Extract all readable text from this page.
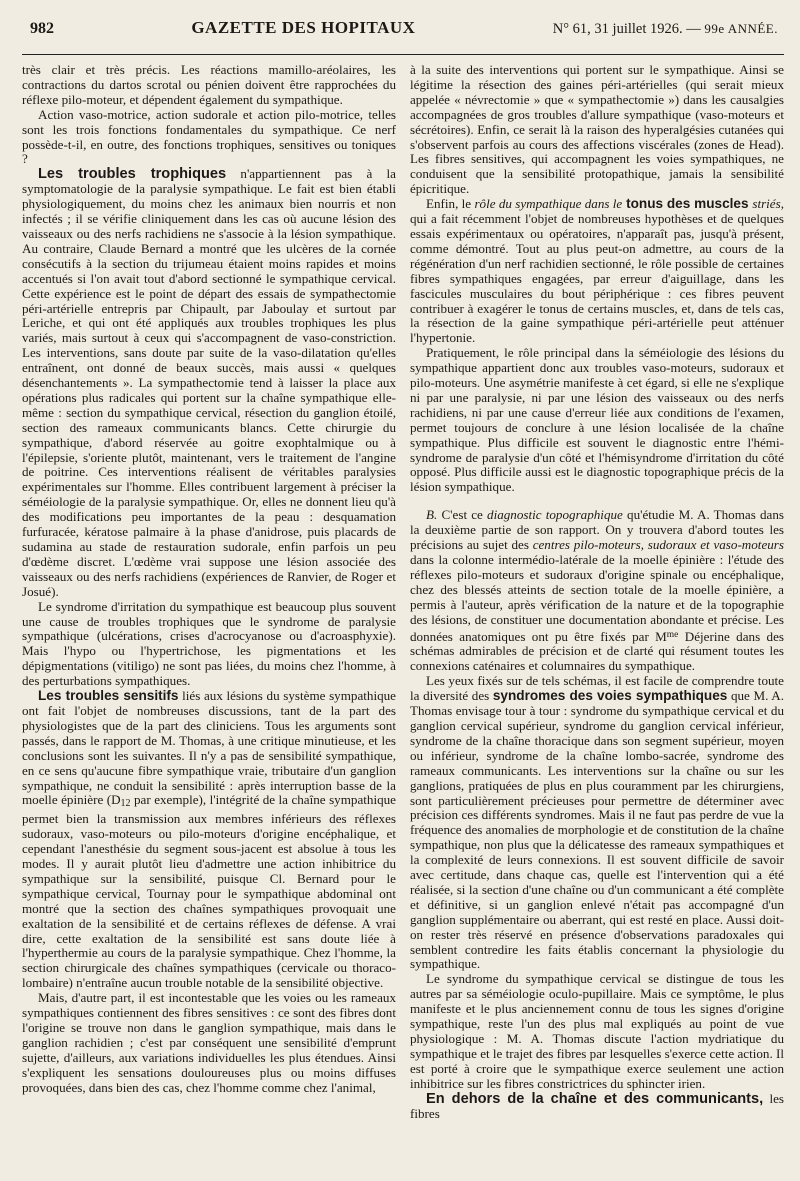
982	GAZETTE DES HOPITAUX	N° 61, 31 juillet 1926. — 99e ANNÉE.

très clair et très précis. Les réactions mamillo-aréolaires, les contractions du dartos scrotal ou pénien doivent être rapprochées du réflexe pilo-moteur, et dépendent également du sympathique.

Action vaso-motrice, action sudorale et action pilo-motrice, telles sont les trois fonctions fondamentales du sympathique. Ce nerf possède-t-il, en outre, des fonctions trophiques, sensitives ou toniques ?

Les troubles trophiques n'appartiennent pas à la symptomatologie de la paralysie sympathique. Le fait est bien établi physiologiquement, du moins chez les animaux bien nourris et non infectés ; il se vérifie cliniquement dans les cas où aucune lésion des vaisseaux ou des nerfs rachidiens ne s'associe à la lésion sympathique. Au contraire, Claude Bernard a montré que les ulcères de la cornée consécutifs à la section du trijumeau étaient moins rapides et moins accentués si l'on avait tout d'abord sectionné le sympathique cervical. Cette expérience est le point de départ des essais de sympathectomie péri-artérielle entrepris par Chipault, par Jaboulay et surtout par Leriche, et qui ont été appliqués aux troubles trophiques les plus variés, mais surtout à ceux qui s'accompagnent de vaso-constriction. Les interventions, sans doute par suite de la vaso-dilatation qu'elles entraînent, ont donné de beaux succès, mais aussi « quelques désenchantements ». La sympathectomie tend à laisser la place aux opérations plus radicales qui portent sur la chaîne sympathique elle-même : section du sympathique cervical, résection du ganglion étoilé, section des rameaux communicants blancs. Cette chirurgie du sympathique, d'abord réservée au goitre exophtalmique ou à l'épilepsie, s'oriente plutôt, maintenant, vers le traitement de l'angine de poitrine. Ces interventions réalisent de véritables paralysies expérimentales sur l'homme. Elles contribuent largement à préciser la séméiologie de la paralysie sympathique. Or, elles ne donnent lieu qu'à des modifications peu importantes de la peau : desquamation furfuracée, kératose palmaire à la phase d'anidrose, puis placards de sudamina au stade de restauration sudorale, enfin parfois un peu d'œdème discret. L'œdème vrai suppose une lésion associée des vaisseaux ou des nerfs rachidiens (expériences de Ranvier, de Roger et Josué).

Le syndrome d'irritation du sympathique est beaucoup plus souvent une cause de troubles trophiques que le syndrome de paralysie sympathique (ulcérations, crises d'acrocyanose ou d'acroasphyxie). Mais l'hypo ou l'hypertrichose, les pigmentations et les dépigmentations (vitiligo) ne sont pas liées, du moins chez l'homme, à des perturbations sympathiques.

Les troubles sensitifs liés aux lésions du système sympathique ont fait l'objet de nombreuses discussions, tant de la part des physiologistes que de la part des cliniciens. Tous les arguments sont passés, dans le rapport de M. Thomas, à une critique minutieuse, et les conclusions sont les suivantes. Il n'y a pas de sensibilité sympathique, en ce sens qu'aucune fibre sympathique vraie, tributaire d'un ganglion sympathique, ne conduit la sensibilité : après interruption basse de la moelle épinière ($D_{12}$ par exemple), l'intégrité de la chaîne sympathique permet bien la transmission aux membres inférieurs des réflexes sudoraux, vaso-moteurs ou pilo-moteurs d'origine encéphalique, et cependant l'anesthésie du segment sous-jacent est absolue à tous les modes. Il y aurait plutôt lieu d'admettre une action inhibitrice du sympathique sur la sensibilité, puisque Cl. Bernard pour le sympathique cervical, Tournay pour le sympathique abdominal ont montré que la section des chaînes sympathiques provoquait une exaltation de la sensibilité et de certains réflexes de défense. A vrai dire, cette exaltation de la sensibilité est sans doute liée à l'hyperthermie au cours de la paralysie sympathique. Chez l'homme, la section chirurgicale des chaînes sympathiques (cervicale ou thoraco-lombaire) n'entraîne aucun trouble notable de la sensibilité objective.

Mais, d'autre part, il est incontestable que les voies ou les rameaux sympathiques contiennent des fibres sensitives : ce sont des fibres dont l'origine se trouve non dans le ganglion sympathique, mais dans le ganglion rachidien ; c'est par conséquent une sensibilité d'emprunt sujette, d'ailleurs, aux variations individuelles les plus étendues. Ainsi s'expliquent les sensations douloureuses plus ou moins diffuses provoquées, dans bien des cas, chez l'homme comme chez l'animal,

à la suite des interventions qui portent sur le sympathique. Ainsi se légitime la résection des gaines péri-artérielles (qui serait mieux appelée « névrectomie » que « sympathectomie ») dans les causalgies accompagnées de gros troubles d'allure sympathique (vaso-moteurs et sécrétoires). Enfin, ce serait là la raison des hyperalgésies cutanées qui s'observent parfois au cours des affections viscérales (zones de Head). Les fibres sensitives, qui accompagnent les voies sympathiques, ne conduisent que la sensibilité protopathique, jamais la sensibilité épicritique.

Enfin, le rôle du sympathique dans le tonus des muscles striés, qui a fait récemment l'objet de nombreuses hypothèses et de quelques essais expérimentaux ou opératoires, n'apparaît pas, jusqu'à présent, comme démontré. Tout au plus peut-on admettre, au cours de la régénération d'un nerf rachidien sectionné, le rôle possible de certaines fibres sympathiques engagées, par erreur d'aiguillage, dans les fascicules musculaires du bout périphérique : ces fibres peuvent contribuer à exagérer le tonus de certains muscles, et, dans de tels cas, la résection de la gaine sympathique péri-artérielle peut atténuer l'hypertonie.

Pratiquement, le rôle principal dans la séméiologie des lésions du sympathique appartient donc aux troubles vaso-moteurs, sudoraux et pilo-moteurs. Une asymétrie manifeste à cet égard, si elle ne s'explique ni par une paralysie, ni par une lésion des vaisseaux ou des nerfs rachidiens, ni par une cause d'erreur liée aux conditions de l'examen, permet toujours de conclure à une lésion localisée de la chaîne sympathique. Plus difficile est souvent le diagnostic entre l'hémi-syndrome de paralysie d'un côté et l'hémisyndrome d'irritation du côté opposé. Plus difficile aussi est le diagnostic topographique précis de la lésion sympathique.

B. C'est ce diagnostic topographique qu'étudie M. A. Thomas dans la deuxième partie de son rapport. On y trouvera d'abord toutes les précisions au sujet des centres pilo-moteurs, sudoraux et vaso-moteurs dans la colonne intermédio-latérale de la moelle épinière : l'étude des réflexes pilo-moteurs et sudoraux d'origine spinale ou encéphalique, chez des blessés atteints de section totale de la moelle épinière, a permis à l'auteur, après vérification de la nature et de la topographie des lésions, de constituer une documentation abondante et précise. Les données anatomiques ont pu être fixés par $M^{me}$ Déjerine dans des schémas admirables de précision et de clarté qui résument toutes les connexions caténaires et columnaires du sympathique.

Les yeux fixés sur de tels schémas, il est facile de comprendre toute la diversité des syndromes des voies sympathiques que M. A. Thomas envisage tour à tour : syndrome du sympathique cervical et du ganglion cervical supérieur, syndrome du ganglion cervical inférieur, syndrome de la chaîne thoracique dans son segment supérieur, moyen ou inférieur, syndrome de la chaîne lombo-sacrée, syndrome des rameaux communicants. Les interventions sur la chaîne ou sur les ganglions, pratiquées de plus en plus couramment par les chirurgiens, sont particulièrement précieuses pour permettre de déterminer avec précision ces différents syndromes. Mais il ne faut pas perdre de vue la fréquence des anomalies de morphologie et de constitution de la chaîne sympathique, non plus que la délicatesse des rameaux sympathiques et la complexité de leurs connexions. Il est souvent difficile de savoir avec certitude, dans chaque cas, quelle est l'intervention qui a été réalisée, si la section d'une chaîne ou d'un communicant a été complète et définitive, si un ganglion enlevé n'était pas accompagné d'un ganglion supplémentaire ou aberrant, qui est resté en place. Aussi doit-on rester très réservé en présence d'observations paradoxales qui semblent contredire les faits établis concernant la physiologie du sympathique.

Le syndrome du sympathique cervical se distingue de tous les autres par sa séméiologie oculo-pupillaire. Mais ce symptôme, le plus manifeste et le plus anciennement connu de tous les signes d'origine sympathique, reste l'un des plus mal expliqués au point de vue physiologique : M. A. Thomas discute l'action mydriatique du sympathique et le trajet des fibres par lesquelles s'exerce cette action. Il est porté à croire que le sympathique exerce seulement une action inhibitrice sur les fibres constrictrices du sphincter irien.

En dehors de la chaîne et des communicants, les fibres
